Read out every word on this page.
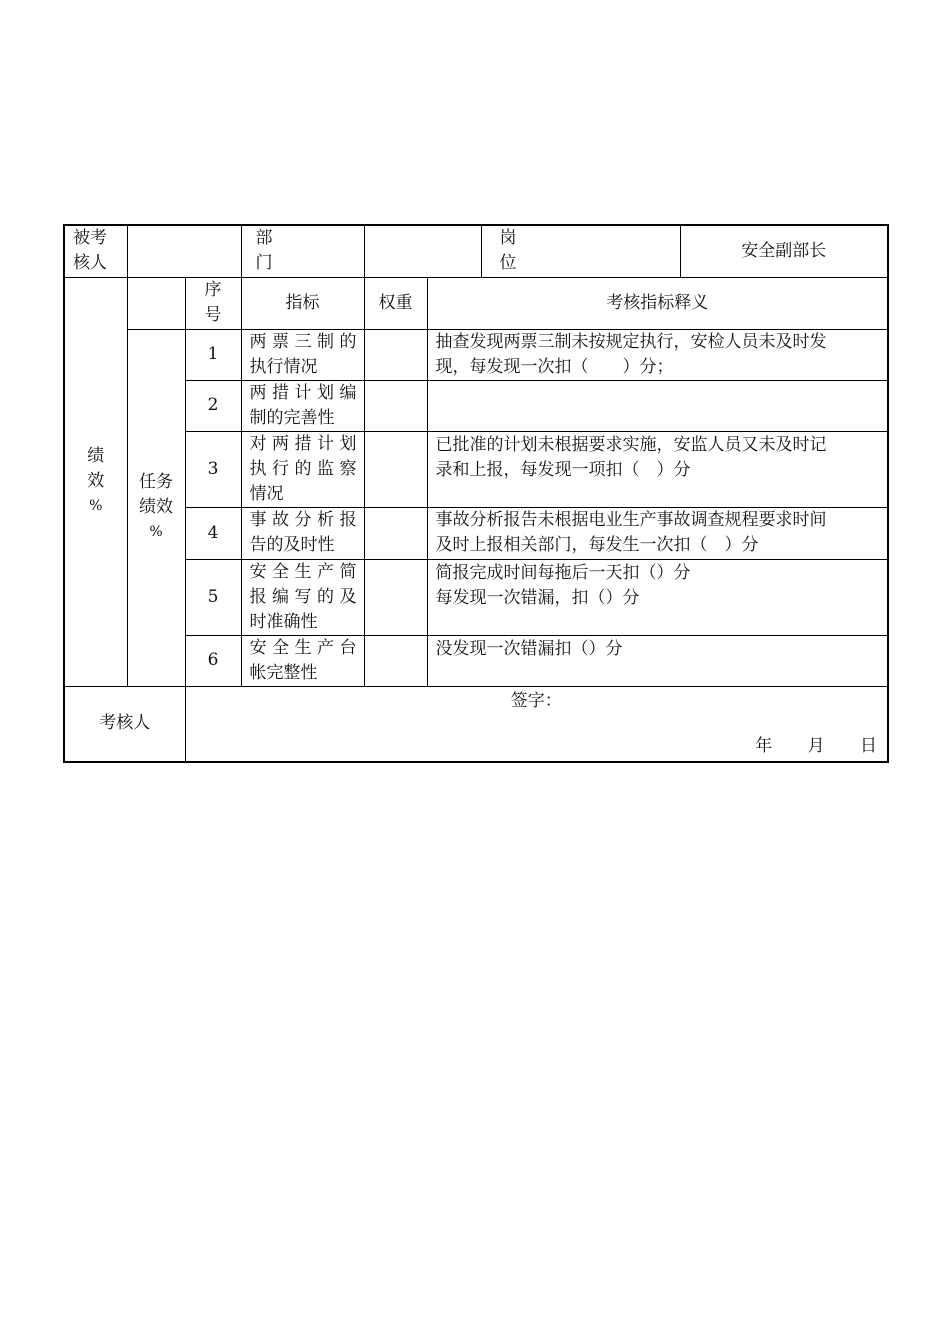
被考核人			部门			岗位	安全副部长

绩
效
%		序号	指标	权重	考核指标释义		

	任务
绩效
%	1	两票三制的
执行情况		抽查发现两票三制未按规定执行，安检人员未及时发
现，每发现一次扣（　　）分；		

		2	两措计划编
制的完善性				

		3	对两措计划
执行的监察
情况		已批准的计划未根据要求实施，安监人员又未及时记
录和上报，每发现一项扣（　）分		

		4	事故分析报
告的及时性		事故分析报告未根据电业生产事故调查规程要求时间
及时上报相关部门，每发生一次扣（　）分		

		5	安全生产简
报编写的及
时准确性		简报完成时间每拖后一天扣（）分
每发现一次错漏，扣（）分		

		6	安全生产台
帐完整性		没发现一次错漏扣（）分		

考核人		签字：
年 月 日					
